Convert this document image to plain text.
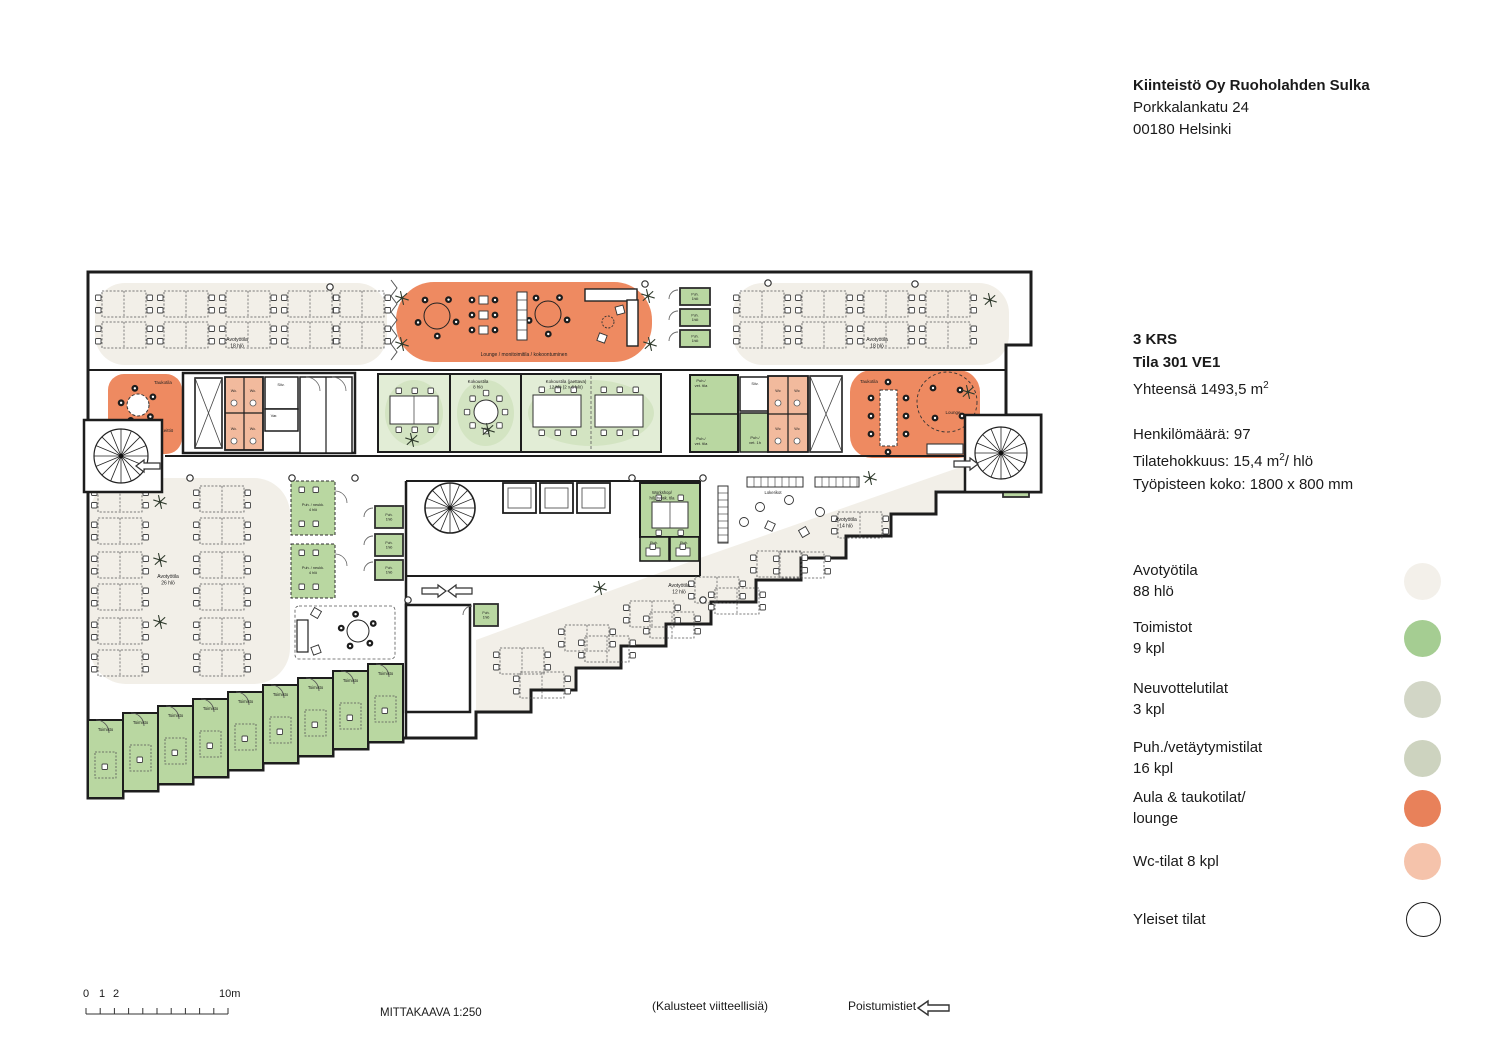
Puh. / neukk. 4 hlö
Puh. / neukk. 4 hlö
Puh. 1hlö
Puh. 1hlö
Puh. 1hlö
Puh. 1hlö
Puh. 1hlö
Puh. 1hlö
Puh. 1hlö
Puh.	Puh.
Toimisto
Toimisto
Toimisto
Toimisto
Toimisto
Toimisto
Toimisto
Toimisto
Toimisto
Avotyötila 18 hlö
Lounge / monitoimitila / kokoontuminen
Avotyötila 18 hlö
Taukotila
Keittiö
Siiv.
Var.
Wc.	Wc.
Wc.	Wc.
Kokoustila 8 hlö
Kokoustila (jaettava) 12 hlö (2 x 6 hlö)
Puh./ vet. tila
Puh./ vet. tila
Siiv.
Puh./ vet. 1h
Wc	Wc
Wc	Wc
Taukotila
Lounge
Avotyötila 26 hlö
Workshop/ hilj. työsk. tila
Lokerikot
Avotyötila 14 hlö
Avotyötila 12 hlö
Kiinteistö Oy Ruoholahden Sulka
Porkkalankatu 24
00180 Helsinki
3 KRS
Tila 301 VE1
Yhteensä 1493,5 $m^2$
Henkilömäärä: 97
Tilatehokkuus: 15,4 $m^2/$ hlö
Työpisteen koko: 1800 x 800 mm
Avotyötila
88 hlö
Toimistot
9 kpl
Neuvottelutilat
3 kpl
Puh./vetäytymistilat
16 kpl
Aula & taukotilat/
lounge
Wc-tilat 8 kpl
Yleiset tilat
0 1 2	10m
MITTAKAAVA 1:250	(Kalusteet viitteellisiä)	Poistumistiet
